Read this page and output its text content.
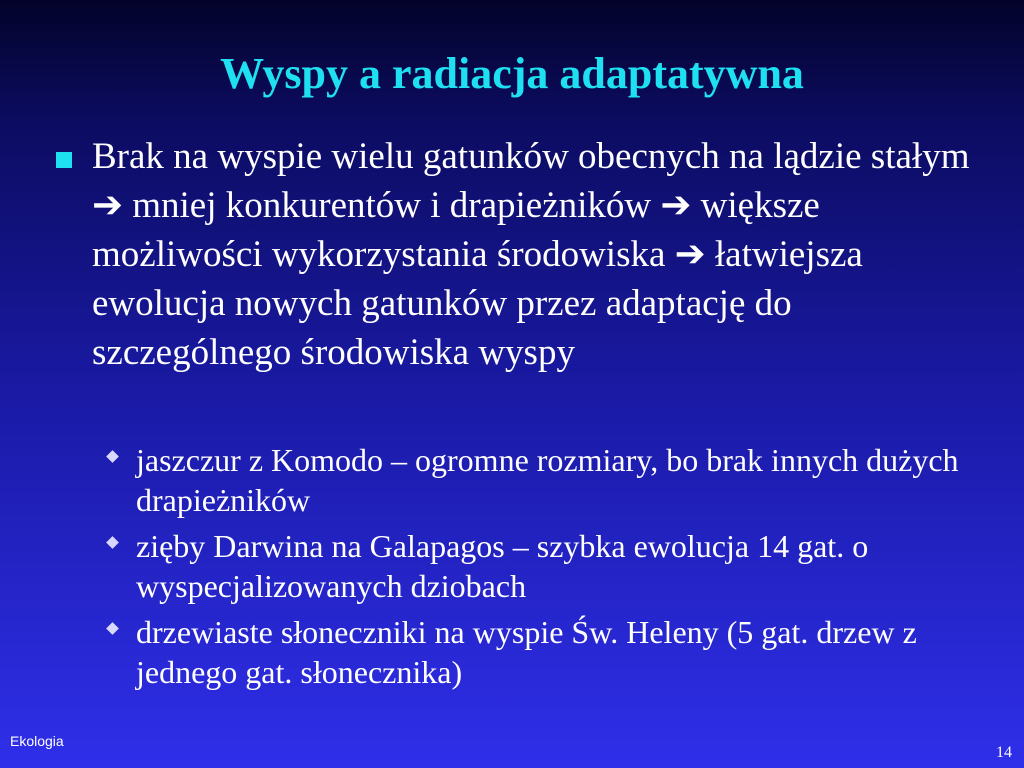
Wyspy a radiacja adaptatywna
Brak na wyspie wielu gatunków obecnych na lądzie stałym ➔ mniej konkurentów i drapieżników ➔ większe możliwości wykorzystania środowiska ➔ łatwiejsza ewolucja nowych gatunków przez adaptację do szczególnego środowiska wyspy
jaszczur z Komodo – ogromne rozmiary, bo brak innych dużych drapieżników
zięby Darwina na Galapagos – szybka ewolucja 14 gat. o wyspecjalizowanych dziobach
drzewiaste słoneczniki na wyspie Św. Heleny (5 gat. drzew z jednego gat. słonecznika)
Ekologia
14
